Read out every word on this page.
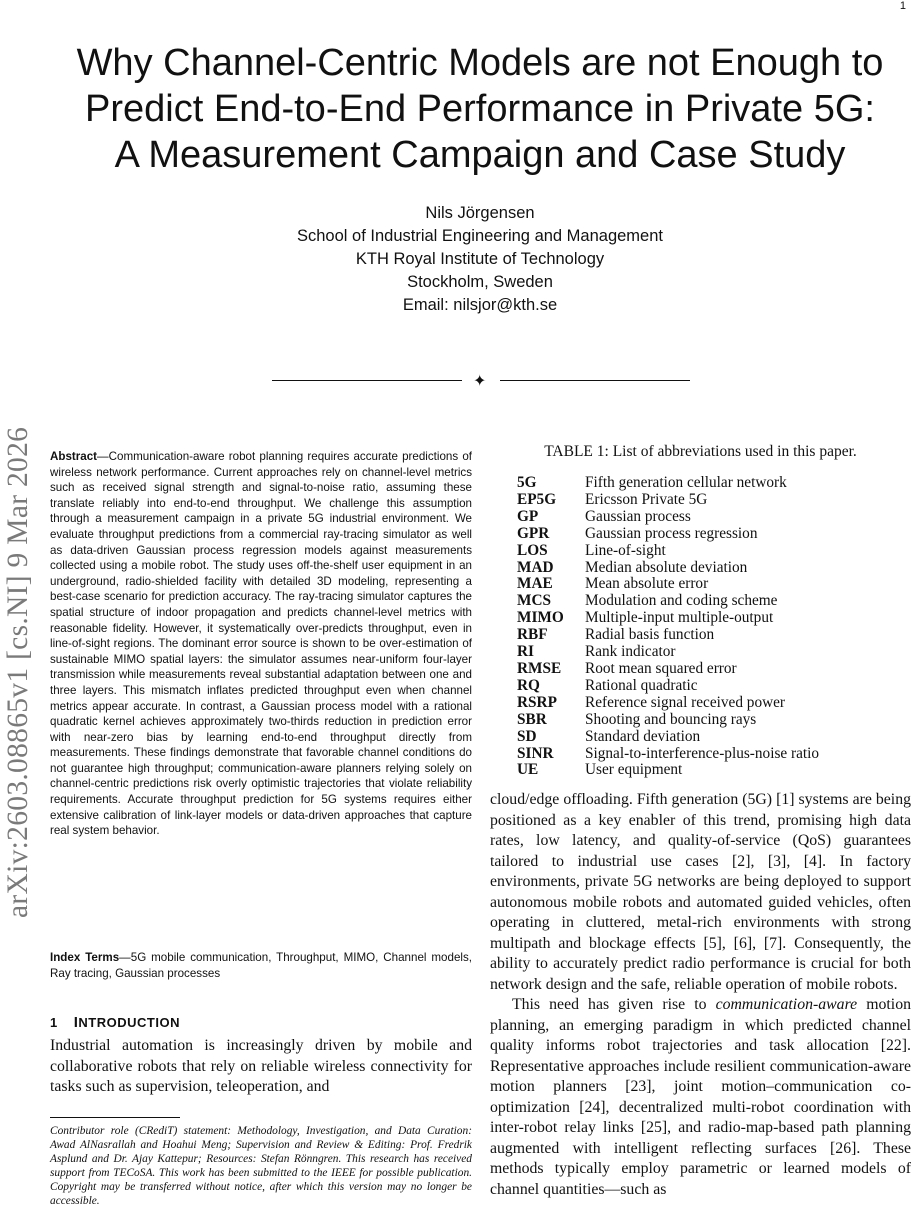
1
Why Channel-Centric Models are not Enough to
Predict End-to-End Performance in Private 5G:
A Measurement Campaign and Case Study
Nils Jörgensen
School of Industrial Engineering and Management
KTH Royal Institute of Technology
Stockholm, Sweden
Email: nilsjor@kth.se
✦
arXiv:2603.08865v1 [cs.NI] 9 Mar 2026 Abstract—Communication-aware robot planning requires accurate predictions of wireless network performance. Current approaches rely on channel-level metrics such as received signal strength and signal-to-noise ratio, assuming these translate reliably into end-to-end throughput. We challenge this assumption through a measurement campaign in a private 5G industrial environment. We evaluate throughput predictions from a commercial ray-tracing simulator as well as data-driven Gaussian process regression models against measurements collected using a mobile robot. The study uses off-the-shelf user equipment in an underground, radio-shielded facility with detailed 3D modeling, representing a best-case scenario for prediction accuracy. The ray-tracing simulator captures the spatial structure of indoor propagation and predicts channel-level metrics with reasonable fidelity. However, it systematically over-predicts throughput, even in line-of-sight regions. The dominant error source is shown to be over-estimation of sustainable MIMO spatial layers: the simulator assumes near-uniform four-layer transmission while measurements reveal substantial adaptation between one and three layers. This mismatch inflates predicted throughput even when channel metrics appear accurate. In contrast, a Gaussian process model with a rational quadratic kernel achieves approximately two-thirds reduction in prediction error with near-zero bias by learning end-to-end throughput directly from measurements. These findings demonstrate that favorable channel conditions do not guarantee high throughput; communication-aware planners relying solely on channel-centric predictions risk overly optimistic trajectories that violate reliability requirements. Accurate throughput prediction for 5G systems requires either extensive calibration of link-layer models or data-driven approaches that capture real system behavior.

Index Terms—5G mobile communication, Throughput, MIMO, Channel models, Ray tracing, Gaussian processes

1 INTRODUCTION

Industrial automation is increasingly driven by mobile and collaborative robots that rely on reliable wireless connectivity for tasks such as supervision, teleoperation, and

Contributor role (CRediT) statement: Methodology, Investigation, and Data Curation: Awad AlNasrallah and Hoahui Meng; Supervision and Review & Editing: Prof. Fredrik Asplund and Dr. Ajay Kattepur; Resources: Stefan Rönngren. This research has received support from TECoSA. This work has been submitted to the IEEE for possible publication. Copyright may be transferred without notice, after which this version may no longer be accessible.

TABLE 1: List of abbreviations used in this paper.
5G	Fifth generation cellular network
EP5G	Ericsson Private 5G
GP	Gaussian process
GPR	Gaussian process regression
LOS	Line-of-sight
MAD	Median absolute deviation
MAE	Mean absolute error
MCS	Modulation and coding scheme
MIMO	Multiple-input multiple-output
RBF	Radial basis function
RI	Rank indicator
RMSE	Root mean squared error
RQ	Rational quadratic
RSRP	Reference signal received power
SBR	Shooting and bouncing rays
SD	Standard deviation
SINR	Signal-to-interference-plus-noise ratio
UE	User equipment

cloud/edge offloading. Fifth generation (5G) [1] systems are being positioned as a key enabler of this trend, promising high data rates, low latency, and quality-of-service (QoS) guarantees tailored to industrial use cases [2], [3], [4]. In factory environments, private 5G networks are being deployed to support autonomous mobile robots and automated guided vehicles, often operating in cluttered, metal-rich environments with strong multipath and blockage effects [5], [6], [7]. Consequently, the ability to accurately predict radio performance is crucial for both network design and the safe, reliable operation of mobile robots.

This need has given rise to communication-aware motion planning, an emerging paradigm in which predicted channel quality informs robot trajectories and task allocation [22]. Representative approaches include resilient communication-aware motion planners [23], joint motion–communication co-optimization [24], decentralized multi-robot coordination with inter-robot relay links [25], and radio-map-based path planning augmented with intelligent reflecting surfaces [26]. These methods typically employ parametric or learned models of channel quantities—such as
